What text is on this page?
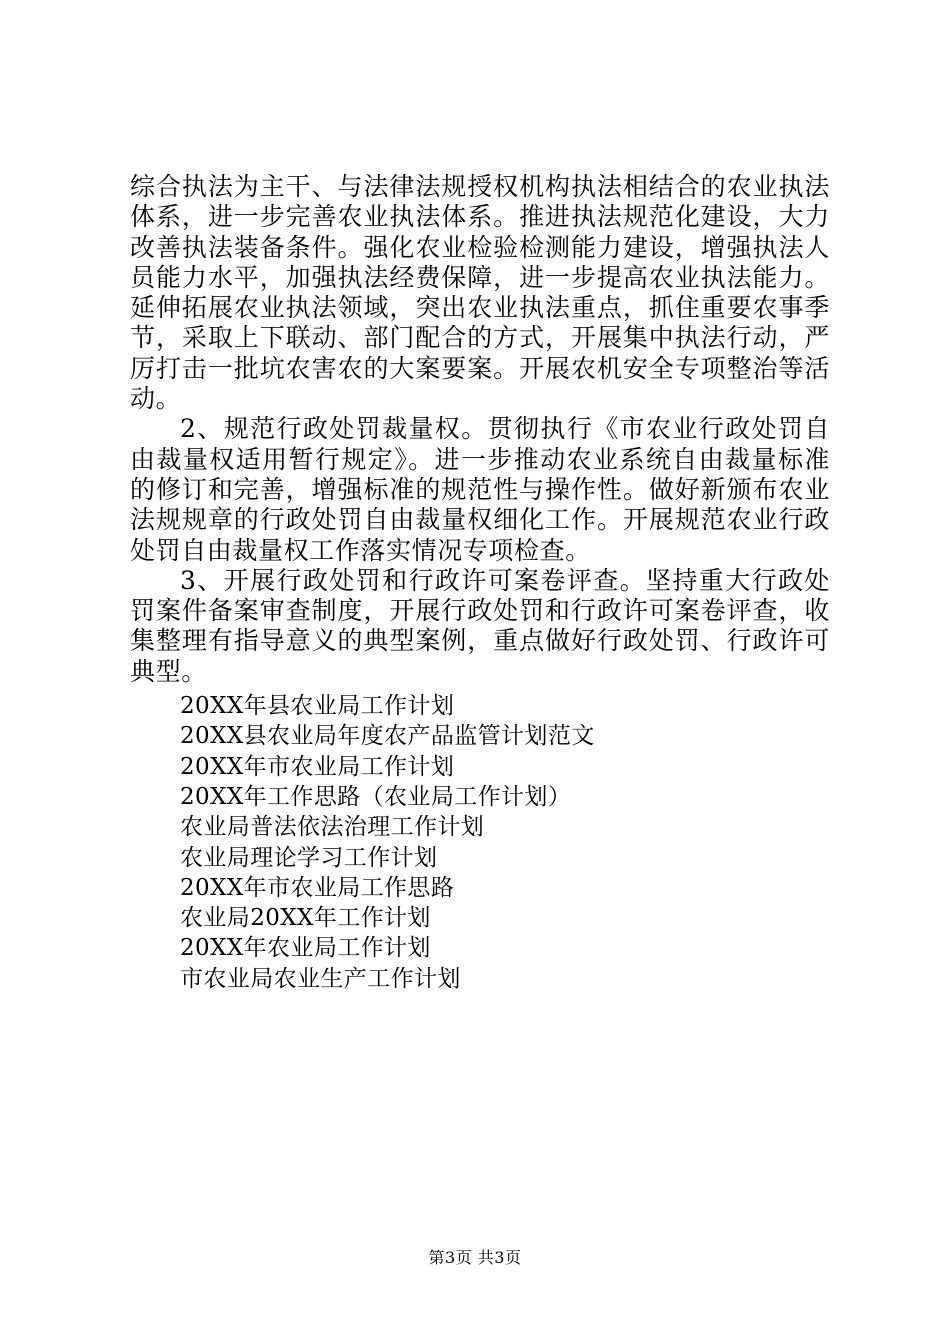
综合执法为主干、与法律法规授权机构执法相结合的农业执法体系，进一步完善农业执法体系。推进执法规范化建设，大力改善执法装备条件。强化农业检验检测能力建设，增强执法人员能力水平，加强执法经费保障，进一步提高农业执法能力。延伸拓展农业执法领域，突出农业执法重点，抓住重要农事季节，采取上下联动、部门配合的方式，开展集中执法行动，严厉打击一批坑农害农的大案要案。开展农机安全专项整治等活动。

2、规范行政处罚裁量权。贯彻执行《市农业行政处罚自由裁量权适用暂行规定》。进一步推动农业系统自由裁量标准的修订和完善，增强标准的规范性与操作性。做好新颁布农业法规规章的行政处罚自由裁量权细化工作。开展规范农业行政处罚自由裁量权工作落实情况专项检查。

3、开展行政处罚和行政许可案卷评查。坚持重大行政处罚案件备案审查制度，开展行政处罚和行政许可案卷评查，收集整理有指导意义的典型案例，重点做好行政处罚、行政许可典型。

20XX年县农业局工作计划
20XX县农业局年度农产品监管计划范文
20XX年市农业局工作计划
20XX年工作思路（农业局工作计划）
农业局普法依法治理工作计划
农业局理论学习工作计划
20XX年市农业局工作思路
农业局20XX年工作计划
20XX年农业局工作计划
市农业局农业生产工作计划
第3页 共3页
